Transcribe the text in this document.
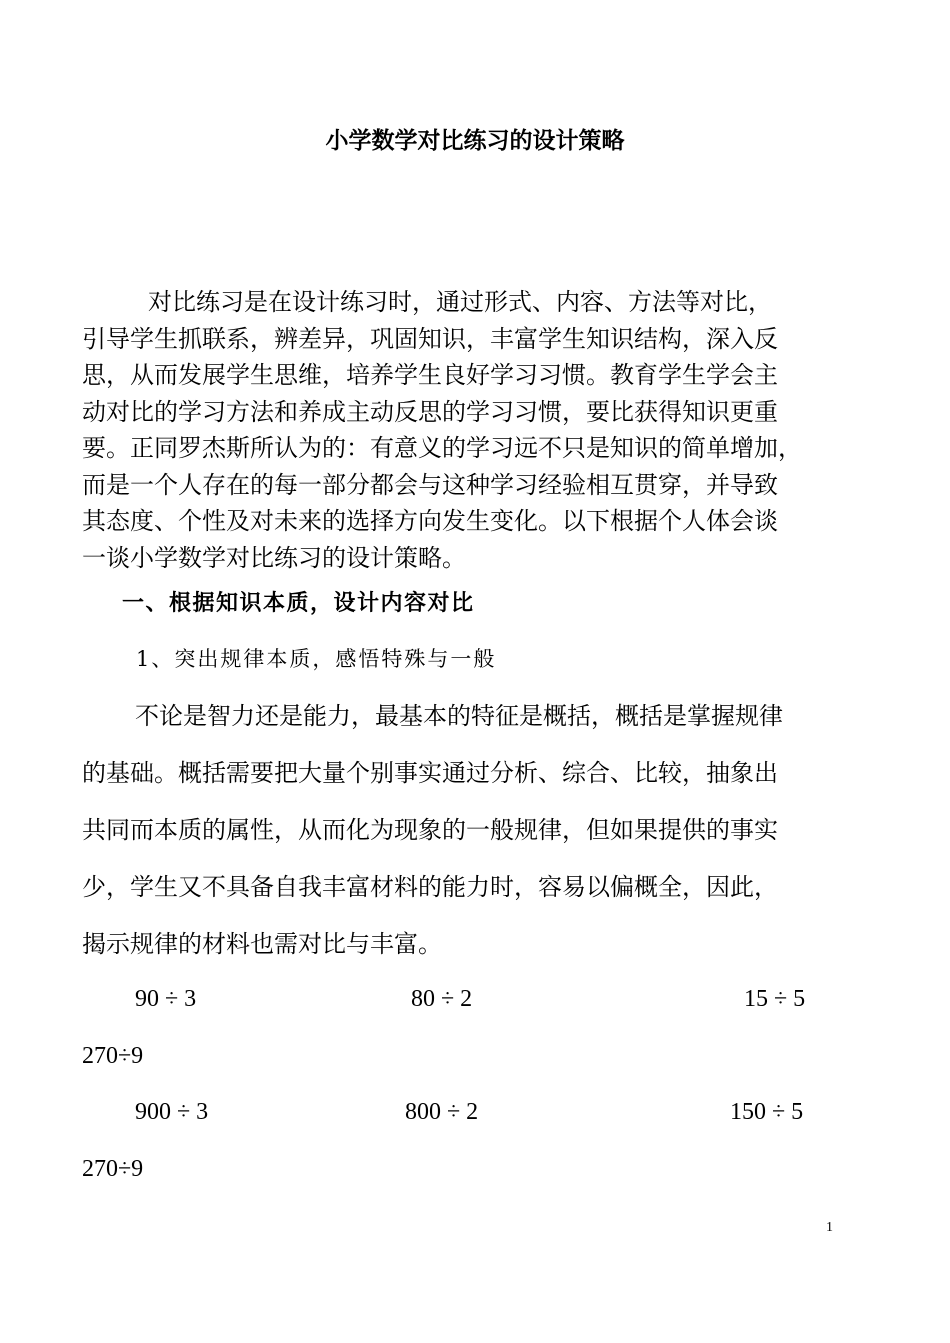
小学数学对比练习的设计策略
对比练习是在设计练习时，通过形式、内容、方法等对比，
引导学生抓联系，辨差异，巩固知识，丰富学生知识结构，深入反
思，从而发展学生思维，培养学生良好学习习惯。教育学生学会主
动对比的学习方法和养成主动反思的学习习惯，要比获得知识更重
要。正同罗杰斯所认为的：有意义的学习远不只是知识的简单增加，
而是一个人存在的每一部分都会与这种学习经验相互贯穿，并导致
其态度、个性及对未来的选择方向发生变化。以下根据个人体会谈
一谈小学数学对比练习的设计策略。
一、根据知识本质，设计内容对比
1、突出规律本质，感悟特殊与一般
不论是智力还是能力，最基本的特征是概括，概括是掌握规律
的基础。概括需要把大量个别事实通过分析、综合、比较，抽象出
共同而本质的属性，从而化为现象的一般规律，但如果提供的事实
少，学生又不具备自我丰富材料的能力时，容易以偏概全，因此，
揭示规律的材料也需对比与丰富。
90 ÷ 3	80 ÷ 2	15 ÷ 5
270÷9
900 ÷ 3	800 ÷ 2	150 ÷ 5
270÷9
1
